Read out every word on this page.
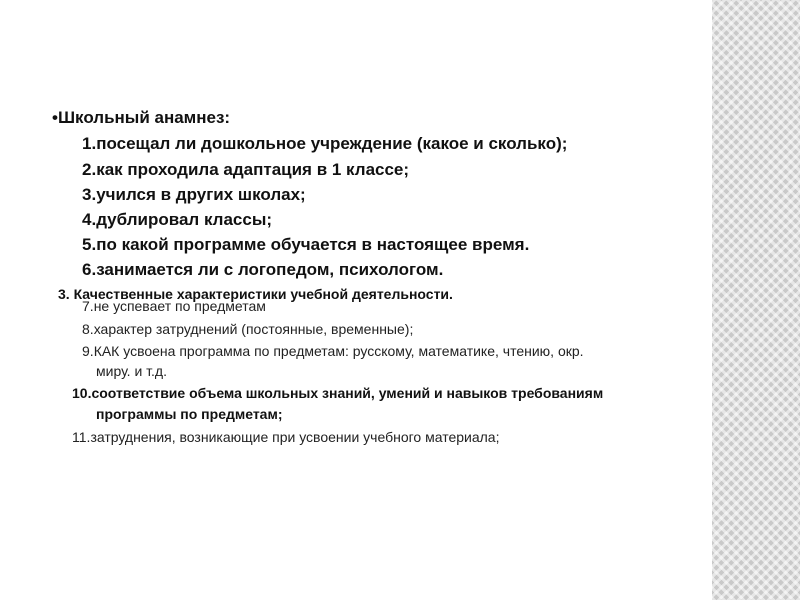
•Школьный анамнез:
1.посещал ли дошкольное учреждение (какое и сколько);
2.как проходила адаптация в 1 классе;
3.учился в других школах;
4.дублировал классы;
5.по какой программе обучается в настоящее время.
6.занимается ли с логопедом, психологом.
3. Качественные характеристики учебной деятельности.
7.не успевает по предметам
8.характер затруднений (постоянные, временные);
9.КАК усвоена программа по предметам: русскому, математике, чтению, окр.
миру. и т.д.
10.соответствие объема школьных знаний, умений и навыков требованиям
программы по предметам;
11.затруднения, возникающие при усвоении учебного материала;
